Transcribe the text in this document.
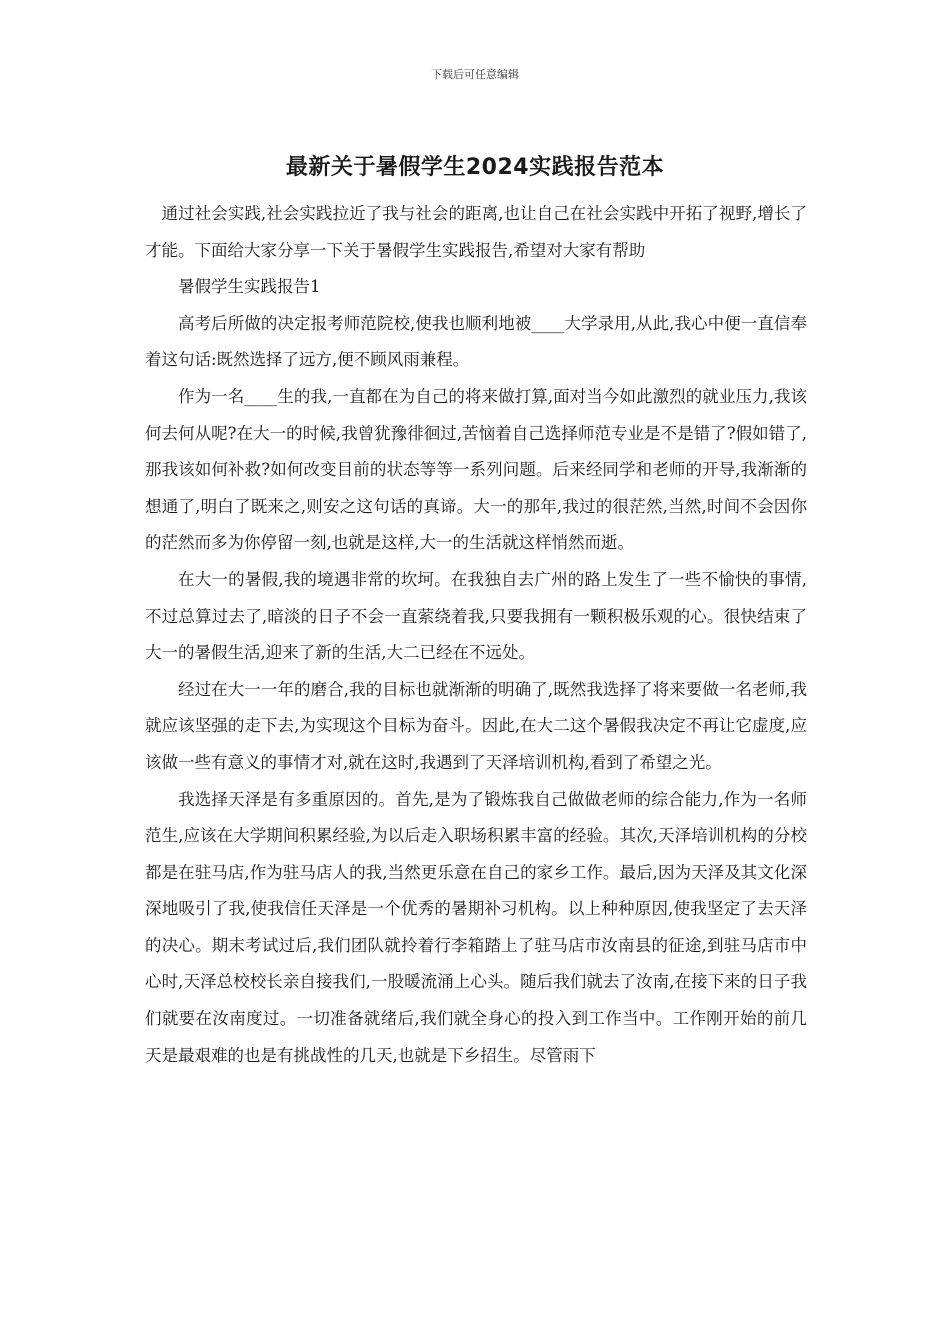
下载后可任意编辑
最新关于暑假学生2024实践报告范本

通过社会实践,社会实践拉近了我与社会的距离,也让自己在社会实践中开拓了视野,增长了才能。下面给大家分享一下关于暑假学生实践报告,希望对大家有帮助

暑假学生实践报告1

高考后所做的决定报考师范院校,使我也顺利地被____大学录用,从此,我心中便一直信奉着这句话:既然选择了远方,便不顾风雨兼程。

作为一名____生的我,一直都在为自己的将来做打算,面对当今如此激烈的就业压力,我该何去何从呢?在大一的时候,我曾犹豫徘徊过,苦恼着自己选择师范专业是不是错了?假如错了,那我该如何补救?如何改变目前的状态等等一系列问题。后来经同学和老师的开导,我渐渐的想通了,明白了既来之,则安之这句话的真谛。大一的那年,我过的很茫然,当然,时间不会因你的茫然而多为你停留一刻,也就是这样,大一的生活就这样悄然而逝。

在大一的暑假,我的境遇非常的坎坷。在我独自去广州的路上发生了一些不愉快的事情,不过总算过去了,暗淡的日子不会一直萦绕着我,只要我拥有一颗积极乐观的心。很快结束了大一的暑假生活,迎来了新的生活,大二已经在不远处。

经过在大一一年的磨合,我的目标也就渐渐的明确了,既然我选择了将来要做一名老师,我就应该坚强的走下去,为实现这个目标为奋斗。因此,在大二这个暑假我决定不再让它虚度,应该做一些有意义的事情才对,就在这时,我遇到了天泽培训机构,看到了希望之光。

我选择天泽是有多重原因的。首先,是为了锻炼我自己做做老师的综合能力,作为一名师范生,应该在大学期间积累经验,为以后走入职场积累丰富的经验。其次,天泽培训机构的分校都是在驻马店,作为驻马店人的我,当然更乐意在自己的家乡工作。最后,因为天泽及其文化深深地吸引了我,使我信任天泽是一个优秀的暑期补习机构。以上种种原因,使我坚定了去天泽的决心。期末考试过后,我们团队就拎着行李箱踏上了驻马店市汝南县的征途,到驻马店市中心时,天泽总校校长亲自接我们,一股暖流涌上心头。随后我们就去了汝南,在接下来的日子我们就要在汝南度过。一切准备就绪后,我们就全身心的投入到工作当中。工作刚开始的前几天是最艰难的也是有挑战性的几天,也就是下乡招生。尽管雨下
